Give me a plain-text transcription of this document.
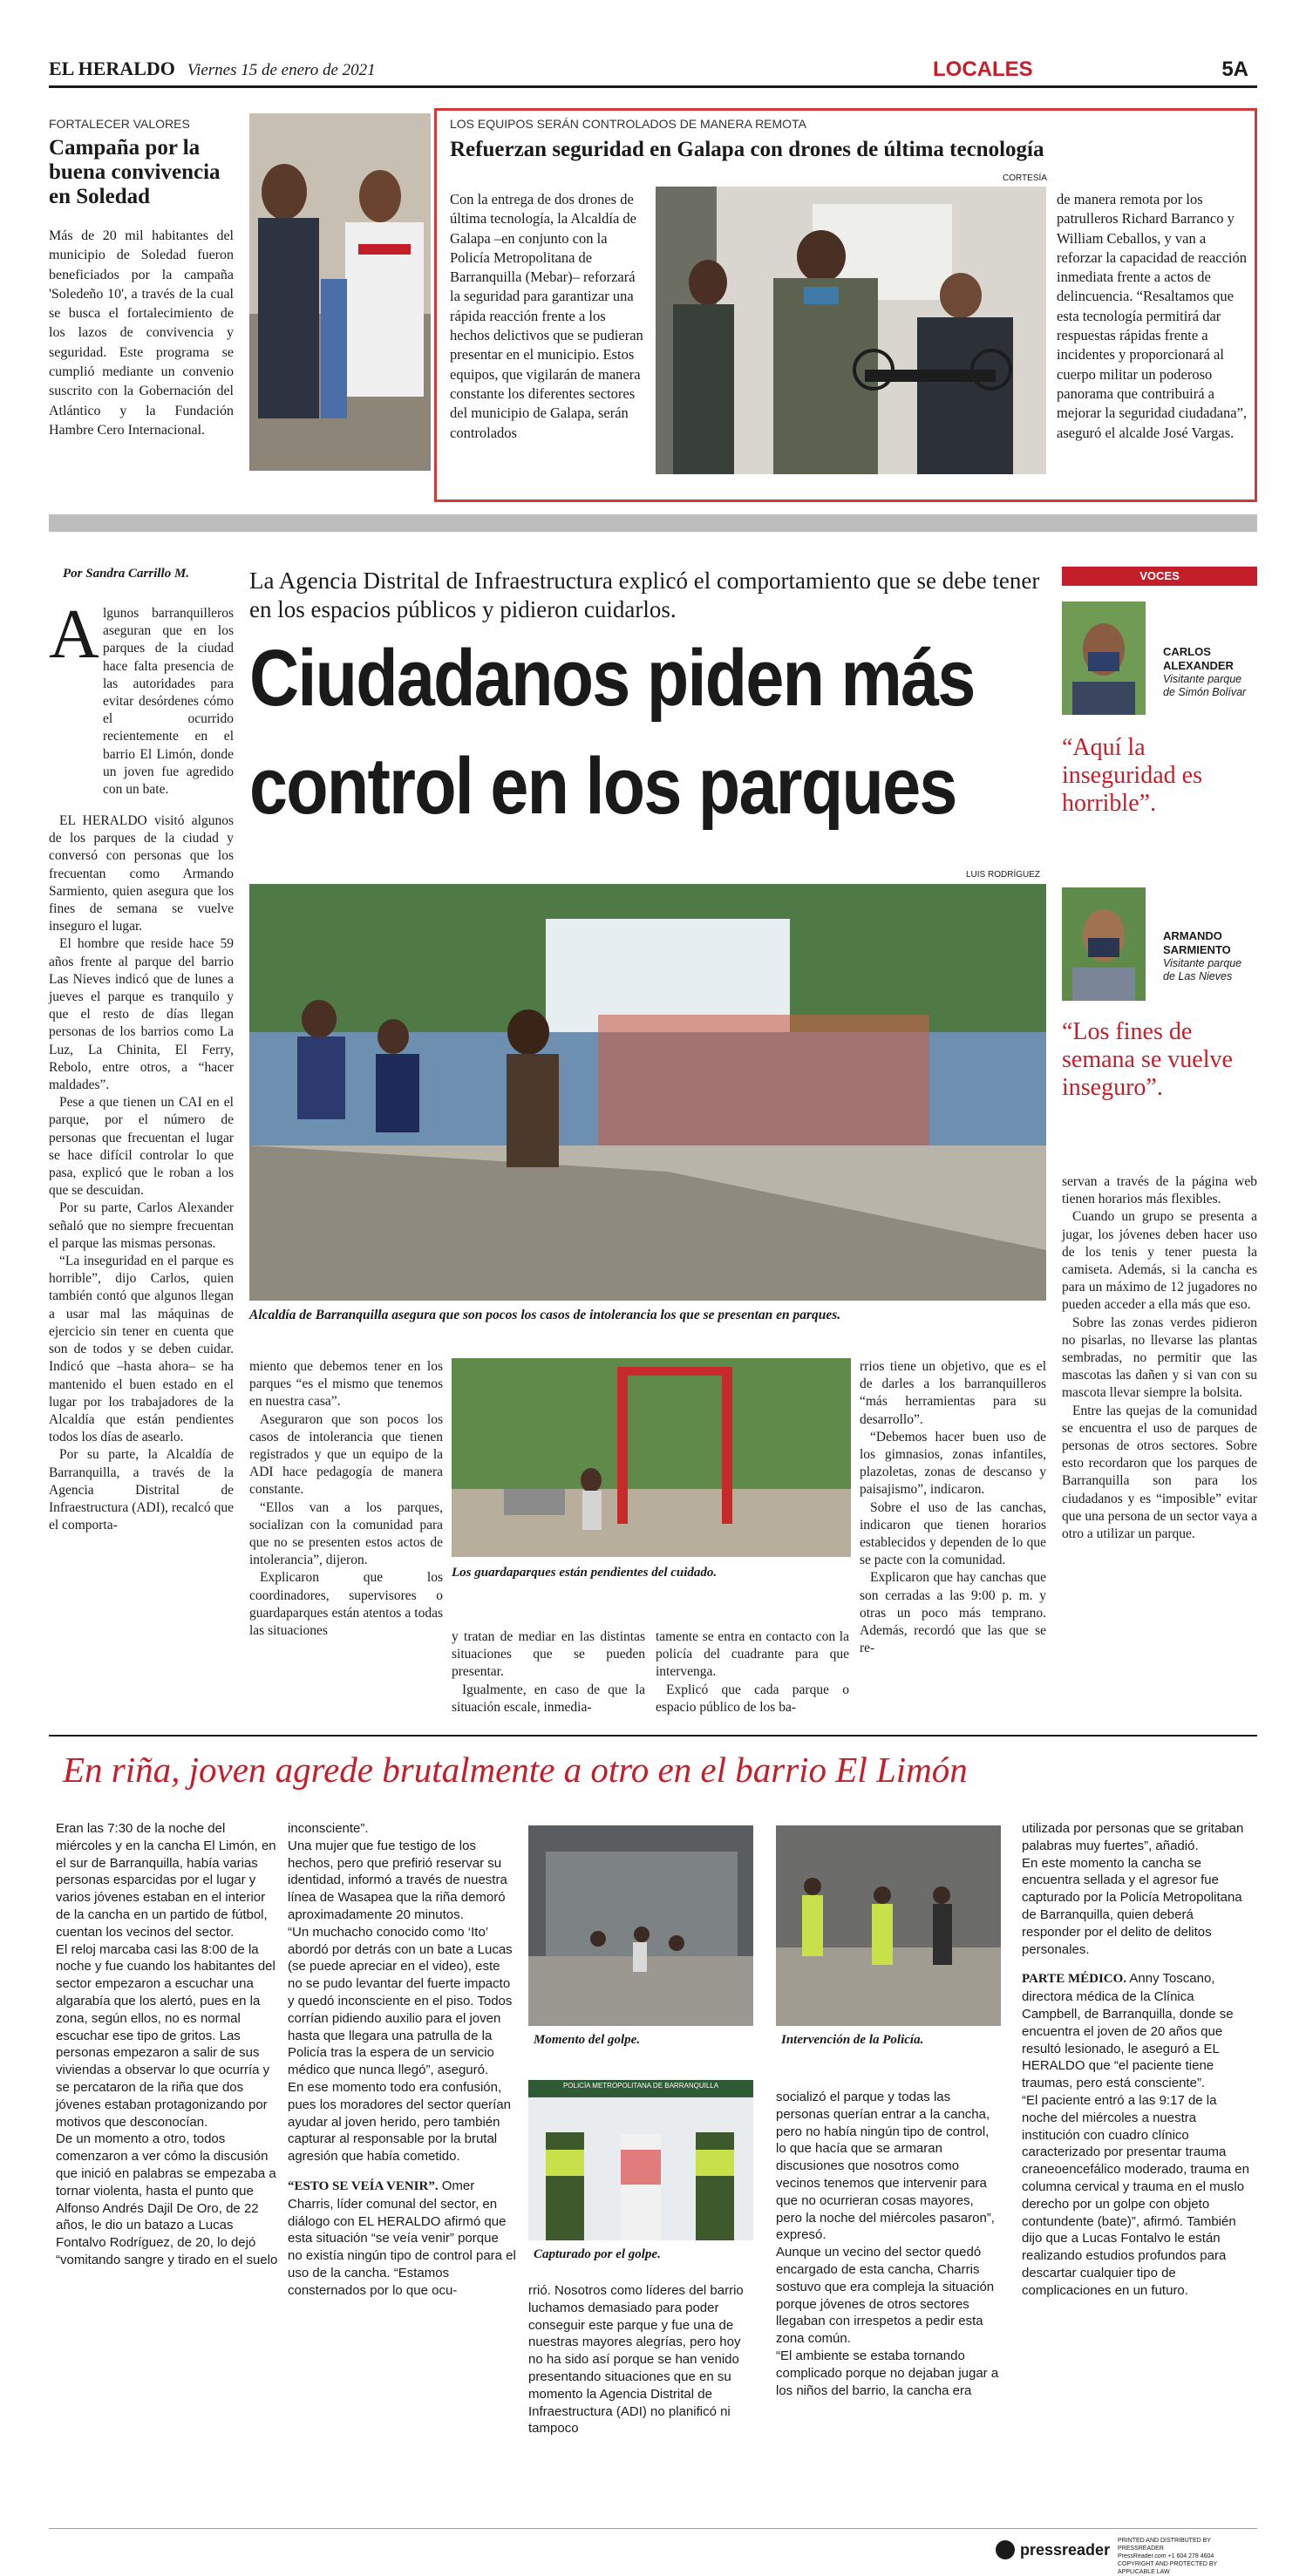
EL HERALDO Viernes 15 de enero de 2021	LOCALES	5A
FORTALECER VALORES
Campaña por la buena convivencia en Soledad
Más de 20 mil habitantes del municipio de Soledad fueron beneficiados por la campaña 'Soledeño 10', a través de la cual se busca el fortalecimiento de los lazos de convivencia y seguridad. Este programa se cumplió mediante un convenio suscrito con la Gobernación del Atlántico y la Fundación Hambre Cero Internacional.
LOS EQUIPOS SERÁN CONTROLADOS DE MANERA REMOTA
Refuerzan seguridad en Galapa con drones de última tecnología
CORTESÍA
Con la entrega de dos drones de última tecnología, la Alcaldía de Galapa –en conjunto con la Policía Metropolitana de Barranquilla (Mebar)– reforzará la seguridad para garantizar una rápida reacción frente a los hechos delictivos que se pudieran presentar en el municipio. Estos equipos, que vigilarán de manera constante los diferentes sectores del municipio de Galapa, serán controlados
de manera remota por los patrulleros Richard Barranco y William Ceballos, y van a reforzar la capacidad de reacción inmediata frente a actos de delincuencia. “Resaltamos que esta tecnología permitirá dar respuestas rápidas frente a incidentes y proporcionará al cuerpo militar un poderoso panorama que contribuirá a mejorar la seguridad ciudadana”, aseguró el alcalde José Vargas.
Por Sandra Carrillo M.	La Agencia Distrital de Infraestructura explicó el comportamiento que se debe tener en los espacios públicos y pidieron cuidarlos.
Ciudadanos piden más
control en los parques
LUIS RODRÍGUEZ
A lgunos barranquilleros aseguran que en los parques de la ciudad hace falta presencia de las autoridades para evitar desórdenes cómo el ocurrido recientemente en el barrio El Limón, donde un joven fue agredido con un bate.

EL HERALDO visitó algunos de los parques de la ciudad y conversó con personas que los frecuentan como Armando Sarmiento, quien asegura que los fines de semana se vuelve inseguro el lugar.

El hombre que reside hace 59 años frente al parque del barrio Las Nieves indicó que de lunes a jueves el parque es tranquilo y que el resto de días llegan personas de los barrios como La Luz, La Chinita, El Ferry, Rebolo, entre otros, a “hacer maldades”.

Pese a que tienen un CAI en el parque, por el número de personas que frecuentan el lugar se hace difícil controlar lo que pasa, explicó que le roban a los que se descuidan.

Por su parte, Carlos Alexander señaló que no siempre frecuentan el parque las mismas personas.

“La inseguridad en el parque es horrible”, dijo Carlos, quien también contó que algunos llegan a usar mal las máquinas de ejercicio sin tener en cuenta que son de todos y se deben cuidar. Indicó que –hasta ahora– se ha mantenido el buen estado en el lugar por los trabajadores de la Alcaldía que están pendientes todos los días de asearlo.

Por su parte, la Alcaldía de Barranquilla, a través de la Agencia Distrital de Infraestructura (ADI), recalcó que el comporta-

Alcaldía de Barranquilla asegura que son pocos los casos de intolerancia los que se presentan en parques.

miento que debemos tener en los parques “es el mismo que tenemos en nuestra casa”.

Aseguraron que son pocos los casos de intolerancia que tienen registrados y que un equipo de la ADI hace pedagogía de manera constante.

“Ellos van a los parques, socializan con la comunidad para que no se presenten estos actos de intolerancia”, dijeron.

Explicaron que los coordinadores, supervisores o guardaparques están atentos a todas las situaciones

Los guardaparques están pendientes del cuidado.

y tratan de mediar en las distintas situaciones que se pueden presentar.

Igualmente, en caso de que la situación escale, inmedia-

tamente se entra en contacto con la policía del cuadrante para que intervenga.

Explicó que cada parque o espacio público de los ba-

rrios tiene un objetivo, que es el de darles a los barranquilleros “más herramientas para su desarrollo”.

“Debemos hacer buen uso de los gimnasios, zonas infantiles, plazoletas, zonas de descanso y paisajismo”, indicaron.

Sobre el uso de las canchas, indicaron que tienen horarios establecidos y dependen de lo que se pacte con la comunidad.

Explicaron que hay canchas que son cerradas a las 9:00 p. m. y otras un poco más temprano. Además, recordó que las que se re-

servan a través de la página web tienen horarios más flexibles.

Cuando un grupo se presenta a jugar, los jóvenes deben hacer uso de los tenis y tener puesta la camiseta. Además, si la cancha es para un máximo de 12 jugadores no pueden acceder a ella más que eso.

Sobre las zonas verdes pidieron no pisarlas, no llevarse las plantas sembradas, no permitir que las mascotas las dañen y si van con su mascota llevar siempre la bolsita.

Entre las quejas de la comunidad se encuentra el uso de parques de personas de otros sectores. Sobre esto recordaron que los parques de Barranquilla son para los ciudadanos y es “imposible” evitar que una persona de un sector vaya a otro a utilizar un parque.

VOCES
CARLOS
ALEXANDER
Visitante parque de Simón Bolívar
“Aquí la inseguridad es horrible”.
ARMANDO
SARMIENTO
Visitante parque de Las Nieves
“Los fines de semana se vuelve inseguro”.
En riña, joven agrede brutalmente a otro en el barrio El Limón

Eran las 7:30 de la noche del miércoles y en la cancha El Limón, en el sur de Barranquilla, había varias personas esparcidas por el lugar y varios jóvenes estaban en el interior de la cancha en un partido de fútbol, cuentan los vecinos del sector.

El reloj marcaba casi las 8:00 de la noche y fue cuando los habitantes del sector empezaron a escuchar una algarabía que los alertó, pues en la zona, según ellos, no es normal escuchar ese tipo de gritos. Las personas empezaron a salir de sus viviendas a observar lo que ocurría y se percataron de la riña que dos jóvenes estaban protagonizando por motivos que desconocían.

De un momento a otro, todos comenzaron a ver cómo la discusión que inició en palabras se empezaba a tornar violenta, hasta el punto que Alfonso Andrés Dajil De Oro, de 22 años, le dio un batazo a Lucas Fontalvo Rodríguez, de 20, lo dejó “vomitando sangre y tirado en el suelo

inconsciente”.

Una mujer que fue testigo de los hechos, pero que prefirió reservar su identidad, informó a través de nuestra línea de Wasapea que la riña demoró aproximadamente 20 minutos.

“Un muchacho conocido como ‘Ito’ abordó por detrás con un bate a Lucas (se puede apreciar en el video), este no se pudo levantar del fuerte impacto y quedó inconsciente en el piso. Todos corrían pidiendo auxilio para el joven hasta que llegara una patrulla de la Policía tras la espera de un servicio médico que nunca llegó”, aseguró.

En ese momento todo era confusión, pues los moradores del sector querían ayudar al joven herido, pero también capturar al responsable por la brutal agresión que había cometido.

“ESTO SE VEÍA VENIR”. Omer Charris, líder comunal del sector, en diálogo con EL HERALDO afirmó que esta situación “se veía venir” porque no existía ningún tipo de control para el uso de la cancha. “Estamos consternados por lo que ocu-

Momento del golpe.	Intervención de la Policía.
POLICÍA METROPOLITANA DE BARRANQUILLA
Capturado por el golpe.

rrió. Nosotros como líderes del barrio luchamos demasiado para poder conseguir este parque y fue una de nuestras mayores alegrías, pero hoy no ha sido así porque se han venido presentando situaciones que en su momento la Agencia Distrital de Infraestructura (ADI) no planificó ni tampoco

socializó el parque y todas las personas querían entrar a la cancha, pero no había ningún tipo de control, lo que hacía que se armaran discusiones que nosotros como vecinos tenemos que intervenir para que no ocurrieran cosas mayores, pero la noche del miércoles pasaron”, expresó.

Aunque un vecino del sector quedó encargado de esta cancha, Charris sostuvo que era compleja la situación porque jóvenes de otros sectores llegaban con irrespetos a pedir esta zona común.

“El ambiente se estaba tornando complicado porque no dejaban jugar a los niños del barrio, la cancha era

utilizada por personas que se gritaban palabras muy fuertes”, añadió.

En este momento la cancha se encuentra sellada y el agresor fue capturado por la Policía Metropolitana de Barranquilla, quien deberá responder por el delito de delitos personales.

PARTE MÉDICO. Anny Toscano, directora médica de la Clínica Campbell, de Barranquilla, donde se encuentra el joven de 20 años que resultó lesionado, le aseguró a EL HERALDO que “el paciente tiene traumas, pero está consciente”.

“El paciente entró a las 9:17 de la noche del miércoles a nuestra institución con cuadro clínico caracterizado por presentar trauma craneoencefálico moderado, trauma en columna cervical y trauma en el muslo derecho por un golpe con objeto contundente (bate)”, afirmó. También dijo que a Lucas Fontalvo le están realizando estudios profundos para descartar cualquier tipo de complicaciones en un futuro.

pressreader PRINTED AND DISTRIBUTED BY PRESSREADER
PressReader.com +1 604 278 4604
COPYRIGHT AND PROTECTED BY APPLICABLE LAW
